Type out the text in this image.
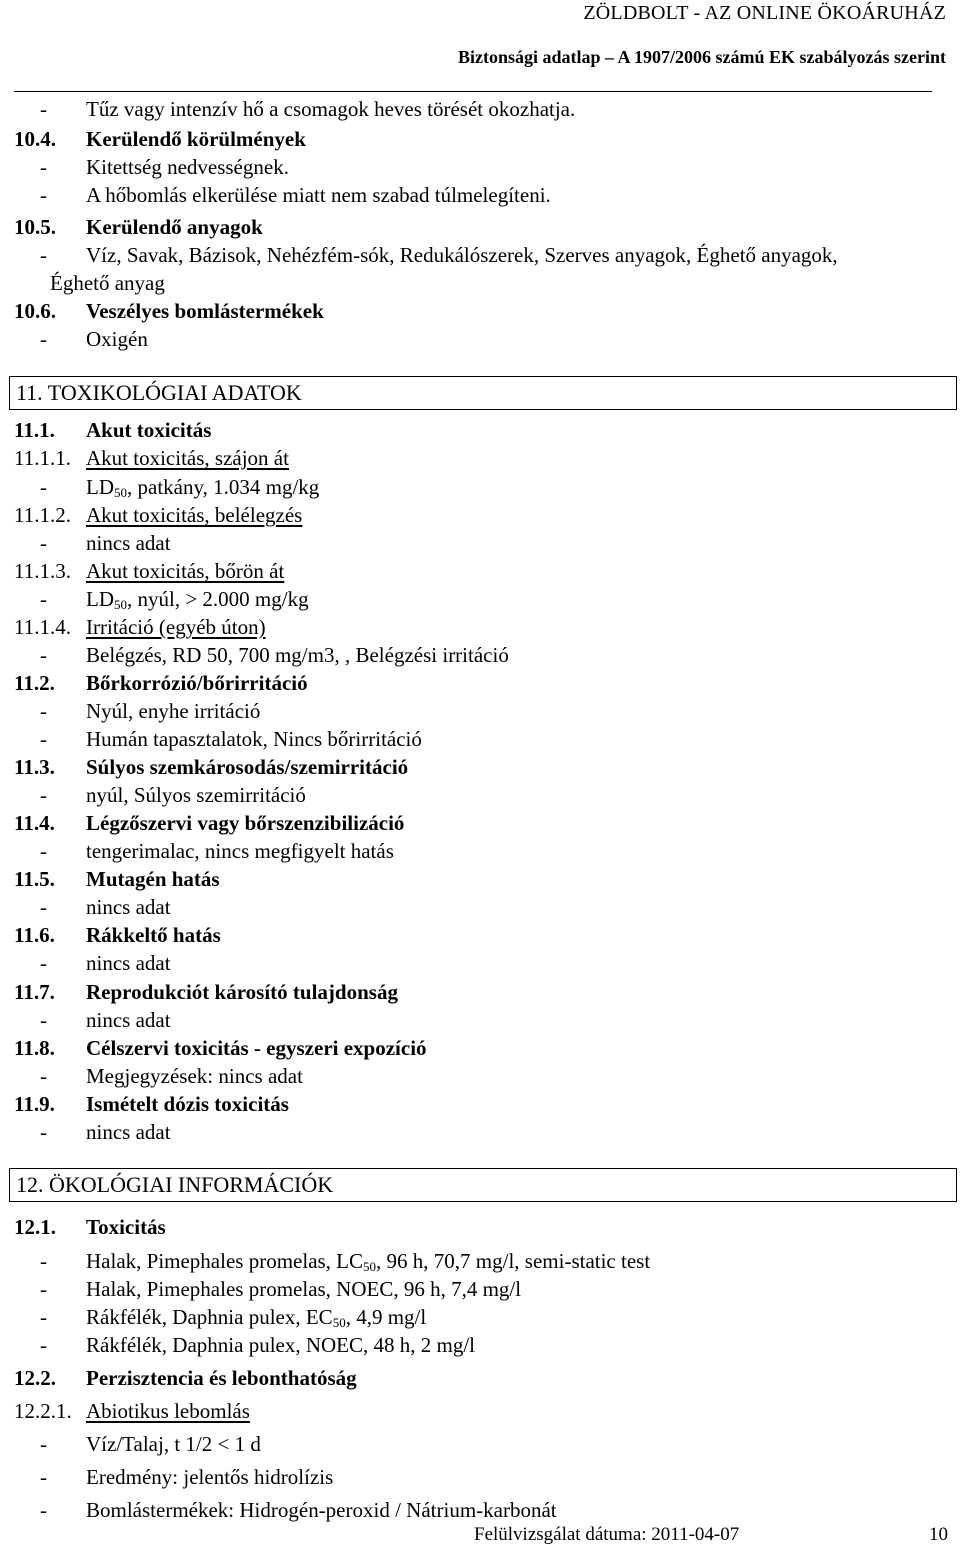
ZÖLDBOLT - AZ ONLINE ÖKOÁRUHÁZ
Biztonsági adatlap – A 1907/2006 számú EK szabályozás szerint
- Tűz vagy intenzív hő a csomagok heves törését okozhatja.
10.4. Kerülendő körülmények
- Kitettség nedvességnek.
- A hőbomlás elkerülése miatt nem szabad túlmelegíteni.
10.5. Kerülendő anyagok
- Víz, Savak, Bázisok, Nehézfém-sók, Redukálószerek, Szerves anyagok, Éghető anyagok,
Éghető anyag
10.6. Veszélyes bomlástermékek
- Oxigén
11. TOXIKOLÓGIAI ADATOK
11.1. Akut toxicitás
11.1.1. Akut toxicitás, szájon át
- $LD_{50}$, patkány, 1.034 mg/kg
11.1.2. Akut toxicitás, belélegzés
- nincs adat
11.1.3. Akut toxicitás, bőrön át
- $LD_{50}$, nyúl, > 2.000 mg/kg
11.1.4. Irritáció (egyéb úton)
- Belégzés, RD 50, 700 mg/m3, , Belégzési irritáció
11.2. Bőrkorrózió/bőrirritáció
- Nyúl, enyhe irritáció
- Humán tapasztalatok, Nincs bőrirritáció
11.3. Súlyos szemkárosodás/szemirritáció
- nyúl, Súlyos szemirritáció
11.4. Légzőszervi vagy bőrszenzibilizáció
- tengerimalac, nincs megfigyelt hatás
11.5. Mutagén hatás
- nincs adat
11.6. Rákkeltő hatás
- nincs adat
11.7. Reprodukciót károsító tulajdonság
- nincs adat
11.8. Célszervi toxicitás - egyszeri expozíció
- Megjegyzések: nincs adat
11.9. Ismételt dózis toxicitás
- nincs adat
12. ÖKOLÓGIAI INFORMÁCIÓK
12.1. Toxicitás
- Halak, Pimephales promelas, $LC_{50}$, 96 h, 70,7 mg/l, semi-static test
- Halak, Pimephales promelas, NOEC, 96 h, 7,4 mg/l
- Rákfélék, Daphnia pulex, $EC_{50}$, 4,9 mg/l
- Rákfélék, Daphnia pulex, NOEC, 48 h, 2 mg/l
12.2. Perzisztencia és lebonthatóság
12.2.1. Abiotikus lebomlás
- Víz/Talaj, t 1/2 < 1 d
- Eredmény: jelentős hidrolízis
- Bomlástermékek: Hidrogén-peroxid / Nátrium-karbonát
Felülvizsgálat dátuma: 2011-04-07	10
